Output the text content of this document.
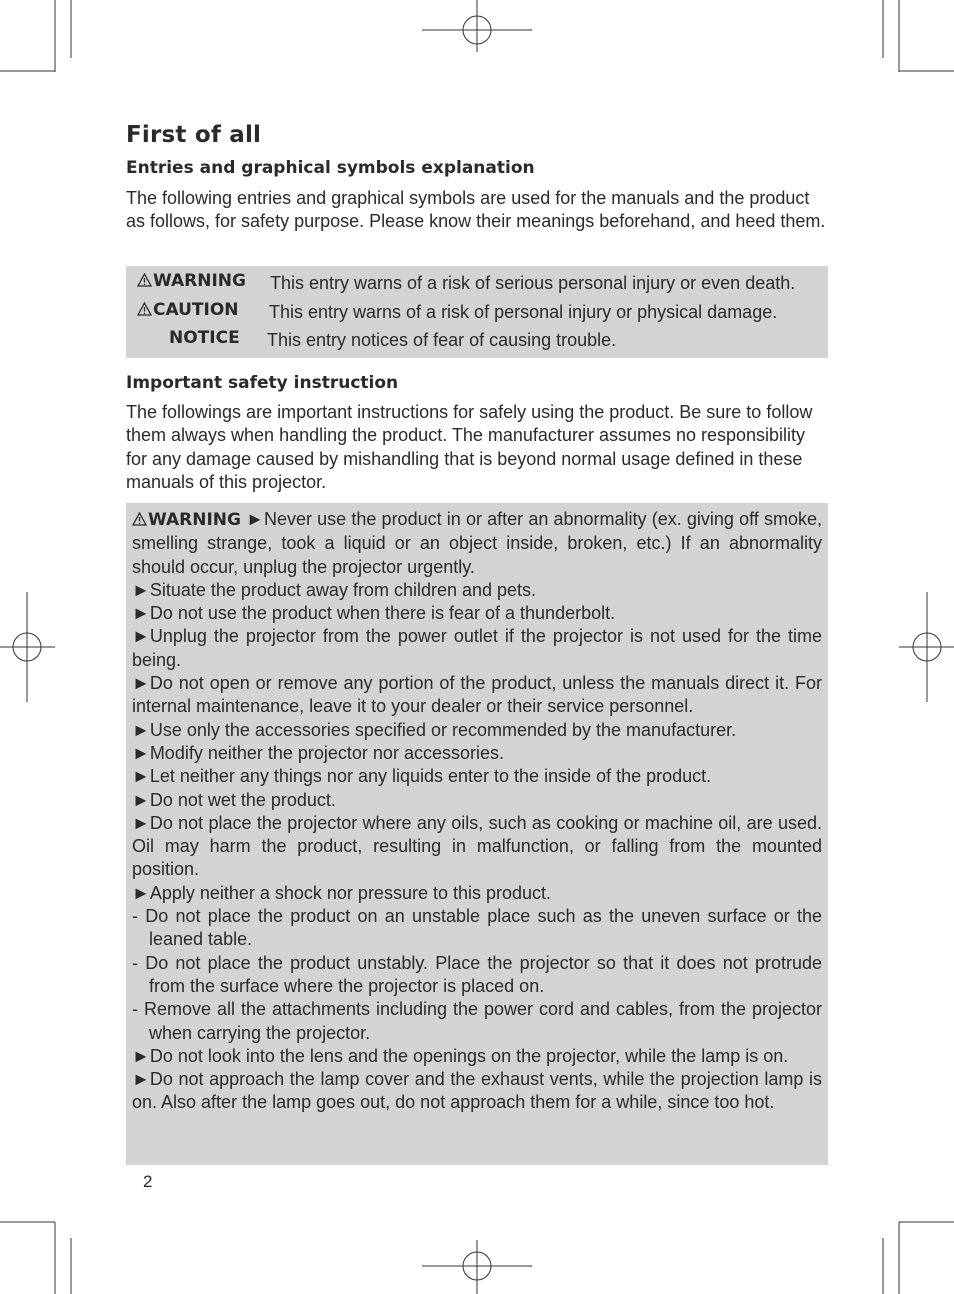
First of all
Entries and graphical symbols explanation

The following entries and graphical symbols are used for the manuals and the product as follows, for safety purpose. Please know their meanings beforehand, and heed them.

WARNING This entry warns of a risk of serious personal injury or even death.
CAUTION This entry warns of a risk of personal injury or physical damage.
NOTICE This entry notices of fear of causing trouble.
Important safety instruction

The followings are important instructions for safely using the product. Be sure to follow them always when handling the product. The manufacturer assumes no responsibility for any damage caused by mishandling that is beyond normal usage defined in these manuals of this projector.

WARNING ►Never use the product in or after an abnormality (ex. giving off smoke, smelling strange, took a liquid or an object inside, broken, etc.) If an abnormality should occur, unplug the projector urgently.

►Situate the product away from children and pets.

►Do not use the product when there is fear of a thunderbolt.

►Unplug the projector from the power outlet if the projector is not used for the time being.

►Do not open or remove any portion of the product, unless the manuals direct it. For internal maintenance, leave it to your dealer or their service personnel.

►Use only the accessories specified or recommended by the manufacturer.

►Modify neither the projector nor accessories.

►Let neither any things nor any liquids enter to the inside of the product.

►Do not wet the product.

►Do not place the projector where any oils, such as cooking or machine oil, are used. Oil may harm the product, resulting in malfunction, or falling from the mounted position.

►Apply neither a shock nor pressure to this product.

- Do not place the product on an unstable place such as the uneven surface or the leaned table.

- Do not place the product unstably. Place the projector so that it does not protrude from the surface where the projector is placed on.

- Remove all the attachments including the power cord and cables, from the projector when carrying the projector.

►Do not look into the lens and the openings on the projector, while the lamp is on.

►Do not approach the lamp cover and the exhaust vents, while the projection lamp is on. Also after the lamp goes out, do not approach them for a while, since too hot.

2
